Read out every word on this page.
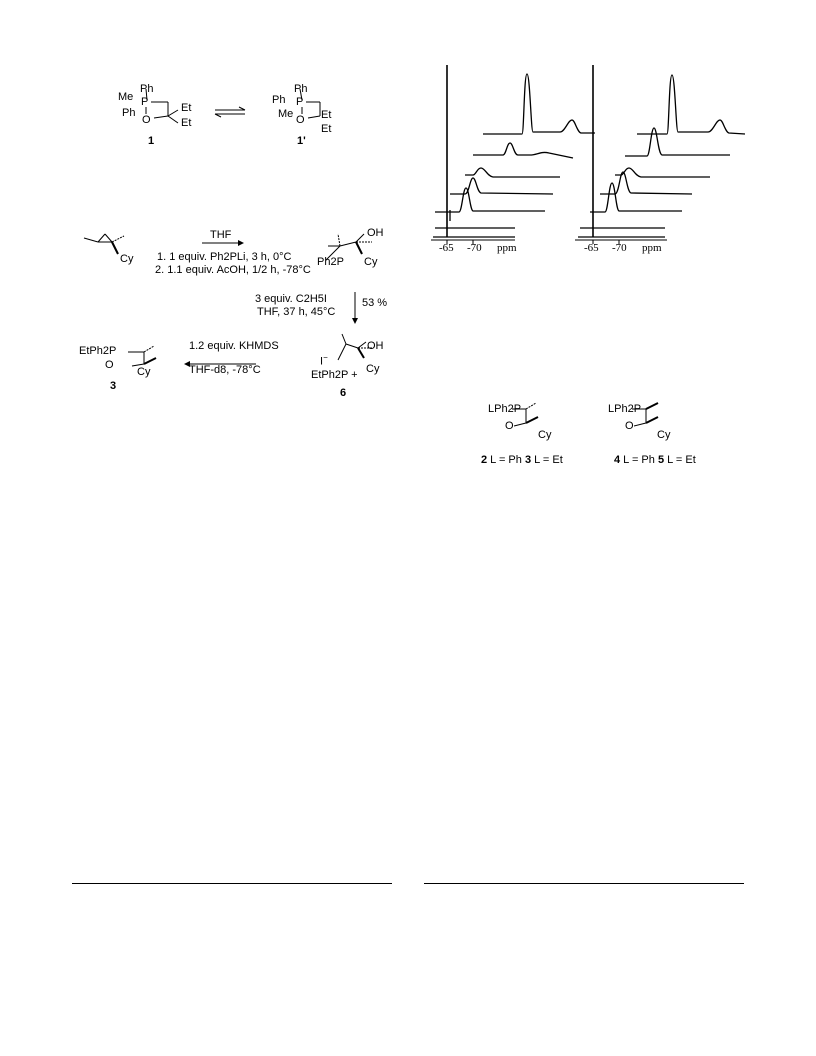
Ph
Me P
Ph
O
Et
Et
1
Ph
Ph P
Me O Et
Et
1'
Cy
THF
1. 1 equiv. Ph2PLi, 3 h, 0°C
2. 1.1 equiv. AcOH, 1/2 h, -78°C
OH
Ph2P Cy
3 equiv. C2H5I
THF, 37 h, 45°C
53 %
I−
OH
EtPh2P + Cy
6
1.2 equiv. KHMDS
THF-d8, -78°C
EtPh2P
O
Cy
3
-65 -70 ppm	-65 -70 ppm
LPh2P
O
Cy
2 L = Ph 3 L = Et
LPh2P
O
Cy
4 L = Ph 5 L = Et
